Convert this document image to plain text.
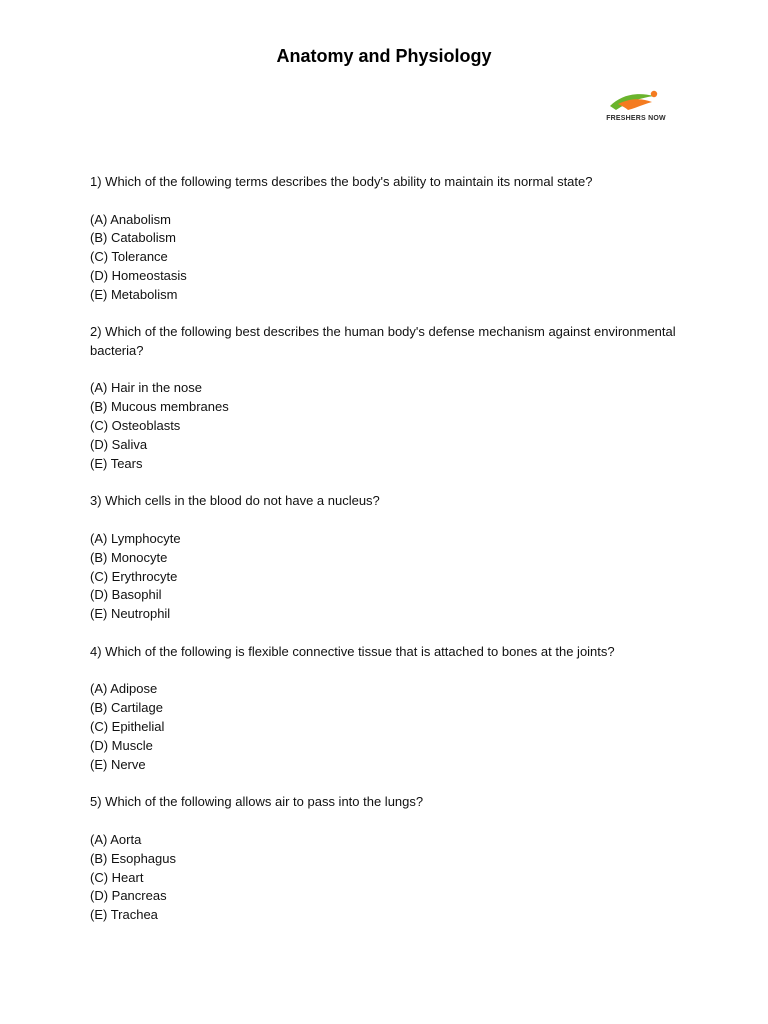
Anatomy and Physiology
FRESHERS NOW
1) Which of the following terms describes the body's ability to maintain its normal state?
(A) Anabolism
(B) Catabolism
(C) Tolerance
(D) Homeostasis
(E) Metabolism
2) Which of the following best describes the human body's defense mechanism against environmental bacteria?
(A) Hair in the nose
(B) Mucous membranes
(C) Osteoblasts
(D) Saliva
(E) Tears
3) Which cells in the blood do not have a nucleus?
(A) Lymphocyte
(B) Monocyte
(C) Erythrocyte
(D) Basophil
(E) Neutrophil
4) Which of the following is flexible connective tissue that is attached to bones at the joints?
(A) Adipose
(B) Cartilage
(C) Epithelial
(D) Muscle
(E) Nerve
5) Which of the following allows air to pass into the lungs?
(A) Aorta
(B) Esophagus
(C) Heart
(D) Pancreas
(E) Trachea
